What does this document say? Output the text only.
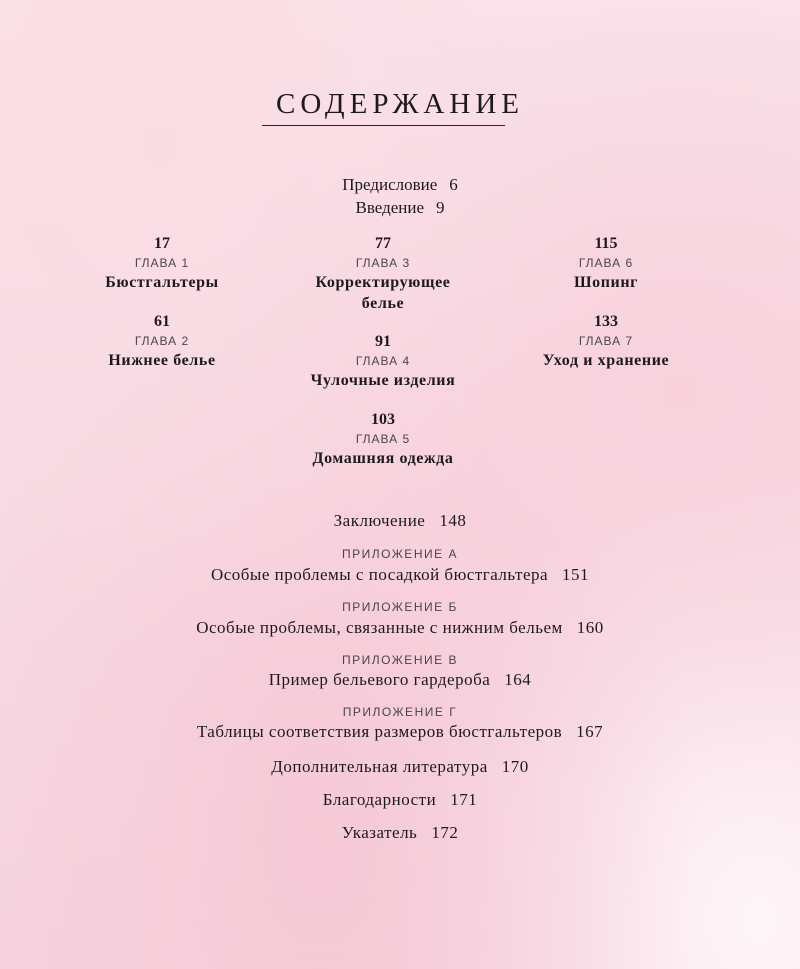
СОДЕРЖАНИЕ
Предисловие 6
Введение 9
17
ГЛАВА 1
Бюстгальтеры
61
ГЛАВА 2
Нижнее белье
77
ГЛАВА 3
Корректирующее белье
91
ГЛАВА 4
Чулочные изделия
103
ГЛАВА 5
Домашняя одежда
115
ГЛАВА 6
Шопинг
133
ГЛАВА 7
Уход и хранение
Заключение 148
ПРИЛОЖЕНИЕ А
Особые проблемы с посадкой бюстгальтера 151
ПРИЛОЖЕНИЕ Б
Особые проблемы, связанные с нижним бельем 160
ПРИЛОЖЕНИЕ В
Пример бельевого гардероба 164
ПРИЛОЖЕНИЕ Г
Таблицы соответствия размеров бюстгальтеров 167
Дополнительная литература 170
Благодарности 171
Указатель 172
